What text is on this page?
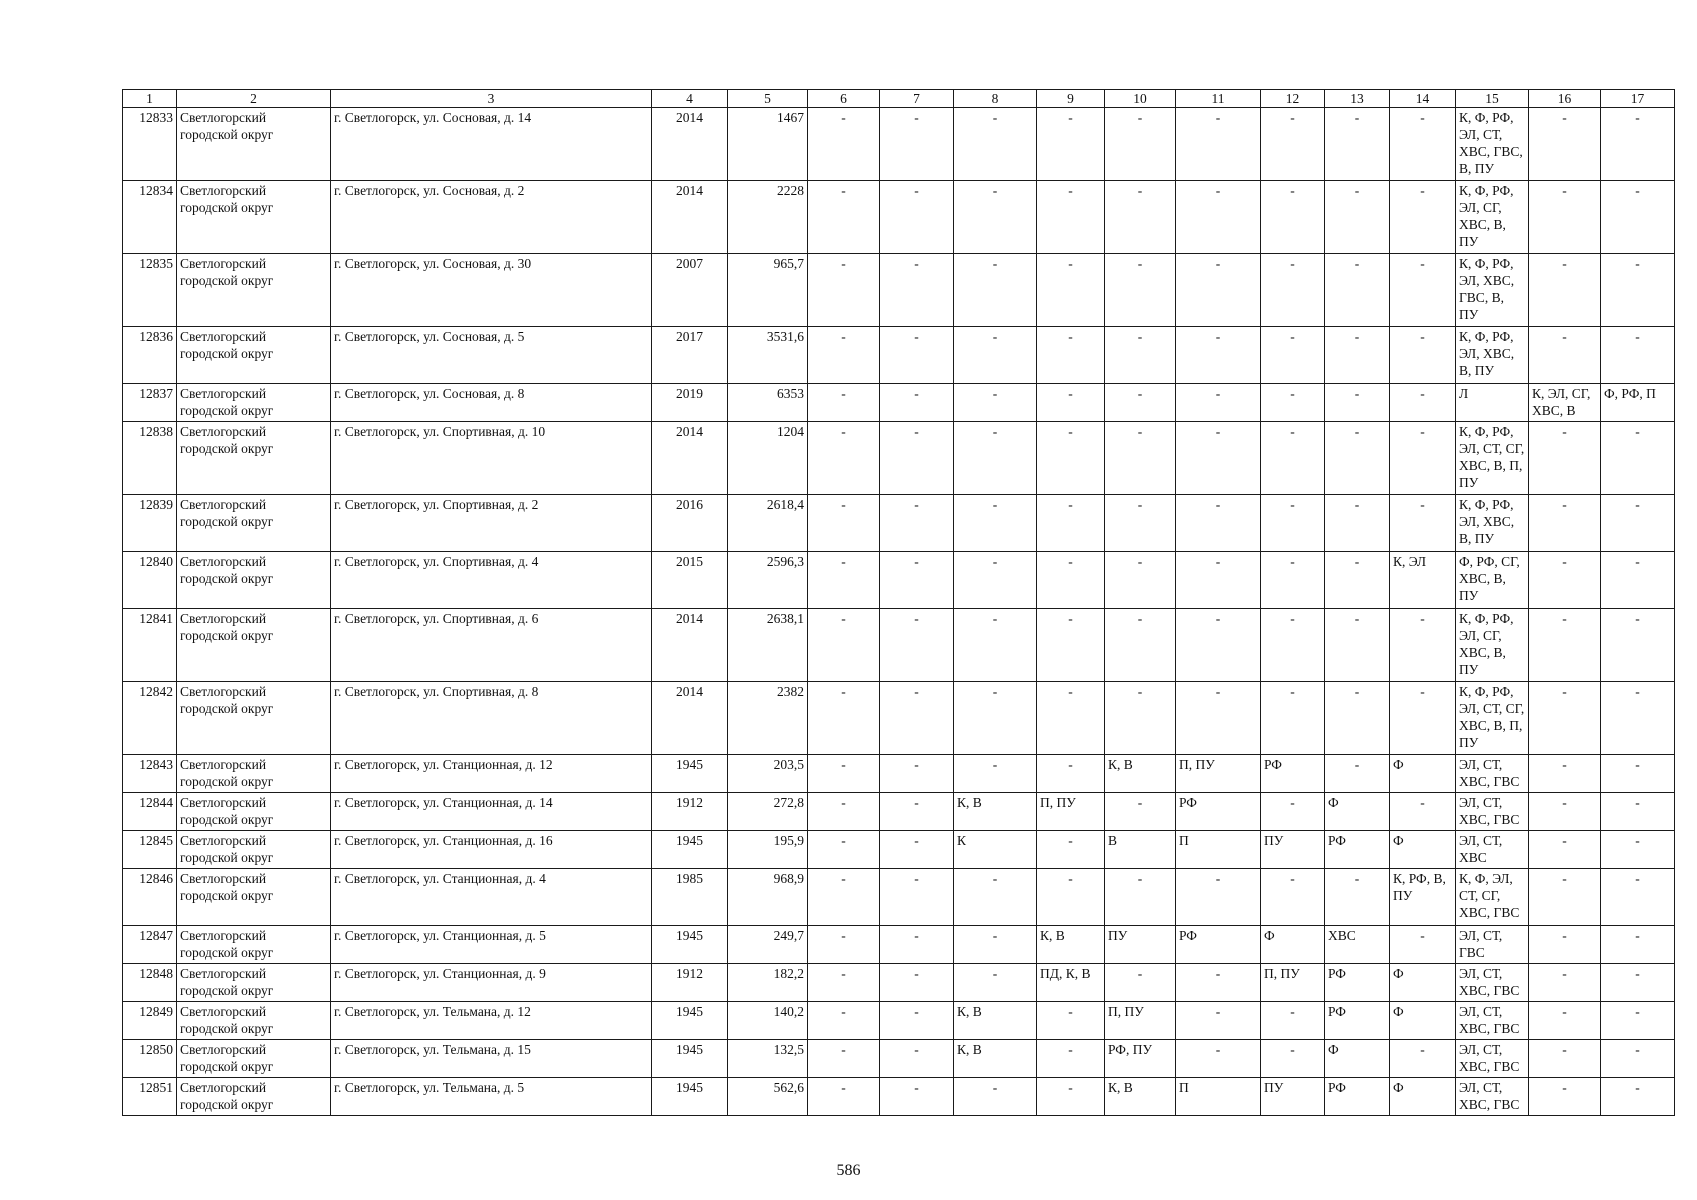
1	2	3	4	5	6	7	8	9	10	11	12	13	14	15	16	17
12833	Светлогорский городской округ	г. Светлогорск, ул. Сосновая, д. 14	2014	1467	-	-	-	-	-	-	-	-	-	К, Ф, РФ, ЭЛ, СТ, ХВС, ГВС, В, ПУ	-	-
12834	Светлогорский городской округ	г. Светлогорск, ул. Сосновая, д. 2	2014	2228	-	-	-	-	-	-	-	-	-	К, Ф, РФ, ЭЛ, СГ, ХВС, В, ПУ	-	-
12835	Светлогорский городской округ	г. Светлогорск, ул. Сосновая, д. 30	2007	965,7	-	-	-	-	-	-	-	-	-	К, Ф, РФ, ЭЛ, ХВС, ГВС, В, ПУ	-	-
12836	Светлогорский городской округ	г. Светлогорск, ул. Сосновая, д. 5	2017	3531,6	-	-	-	-	-	-	-	-	-	К, Ф, РФ, ЭЛ, ХВС, В, ПУ	-	-
12837	Светлогорский городской округ	г. Светлогорск, ул. Сосновая, д. 8	2019	6353	-	-	-	-	-	-	-	-	-	Л	К, ЭЛ, СГ, ХВС, В	Ф, РФ, П
12838	Светлогорский городской округ	г. Светлогорск, ул. Спортивная, д. 10	2014	1204	-	-	-	-	-	-	-	-	-	К, Ф, РФ, ЭЛ, СТ, СГ, ХВС, В, П, ПУ	-	-
12839	Светлогорский городской округ	г. Светлогорск, ул. Спортивная, д. 2	2016	2618,4	-	-	-	-	-	-	-	-	-	К, Ф, РФ, ЭЛ, ХВС, В, ПУ	-	-
12840	Светлогорский городской округ	г. Светлогорск, ул. Спортивная, д. 4	2015	2596,3	-	-	-	-	-	-	-	-	К, ЭЛ	Ф, РФ, СГ, ХВС, В, ПУ	-	-
12841	Светлогорский городской округ	г. Светлогорск, ул. Спортивная, д. 6	2014	2638,1	-	-	-	-	-	-	-	-	-	К, Ф, РФ, ЭЛ, СГ, ХВС, В, ПУ	-	-
12842	Светлогорский городской округ	г. Светлогорск, ул. Спортивная, д. 8	2014	2382	-	-	-	-	-	-	-	-	-	К, Ф, РФ, ЭЛ, СТ, СГ, ХВС, В, П, ПУ	-	-
12843	Светлогорский городской округ	г. Светлогорск, ул. Станционная, д. 12	1945	203,5	-	-	-	-	К, В	П, ПУ	РФ	-	Ф	ЭЛ, СТ, ХВС, ГВС	-	-
12844	Светлогорский городской округ	г. Светлогорск, ул. Станционная, д. 14	1912	272,8	-	-	К, В	П, ПУ	-	РФ	-	Ф	-	ЭЛ, СТ, ХВС, ГВС	-	-
12845	Светлогорский городской округ	г. Светлогорск, ул. Станционная, д. 16	1945	195,9	-	-	К	-	В	П	ПУ	РФ	Ф	ЭЛ, СТ, ХВС	-	-
12846	Светлогорский городской округ	г. Светлогорск, ул. Станционная, д. 4	1985	968,9	-	-	-	-	-	-	-	-	К, РФ, В, ПУ	К, Ф, ЭЛ, СТ, СГ, ХВС, ГВС	-	-
12847	Светлогорский городской округ	г. Светлогорск, ул. Станционная, д. 5	1945	249,7	-	-	-	К, В	ПУ	РФ	Ф	ХВС	-	ЭЛ, СТ, ГВС	-	-
12848	Светлогорский городской округ	г. Светлогорск, ул. Станционная, д. 9	1912	182,2	-	-	-	ПД, К, В	-	-	П, ПУ	РФ	Ф	ЭЛ, СТ, ХВС, ГВС	-	-
12849	Светлогорский городской округ	г. Светлогорск, ул. Тельмана, д. 12	1945	140,2	-	-	К, В	-	П, ПУ	-	-	РФ	Ф	ЭЛ, СТ, ХВС, ГВС	-	-
12850	Светлогорский городской округ	г. Светлогорск, ул. Тельмана, д. 15	1945	132,5	-	-	К, В	-	РФ, ПУ	-	-	Ф	-	ЭЛ, СТ, ХВС, ГВС	-	-
12851	Светлогорский городской округ	г. Светлогорск, ул. Тельмана, д. 5	1945	562,6	-	-	-	-	К, В	П	ПУ	РФ	Ф	ЭЛ, СТ, ХВС, ГВС	-	-
586
